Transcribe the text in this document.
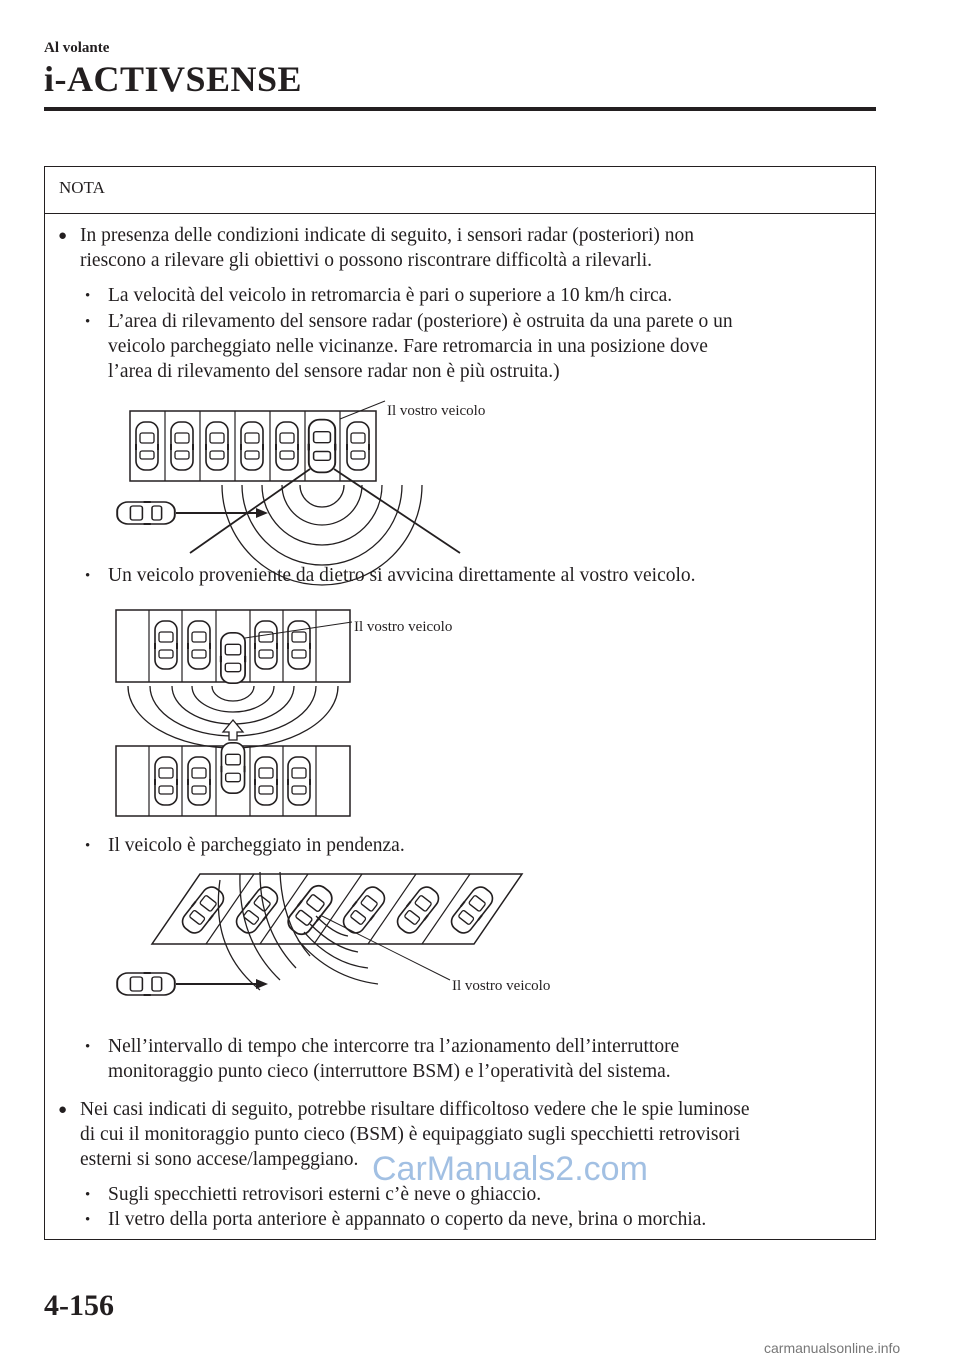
Al volante
i-ACTIVSENSE
NOTA
● In presenza delle condizioni indicate di seguito, i sensori radar (posteriori) non
riescono a rilevare gli obiettivi o possono riscontrare difficoltà a rilevarli.
• La velocità del veicolo in retromarcia è pari o superiore a 10 km/h circa.
• L’area di rilevamento del sensore radar (posteriore) è ostruita da una parete o un
veicolo parcheggiato nelle vicinanze. Fare retromarcia in una posizione dove
l’area di rilevamento del sensore radar non è più ostruita.)
Il vostro veicolo
• Un veicolo proveniente da dietro si avvicina direttamente al vostro veicolo.
Il vostro veicolo
• Il veicolo è parcheggiato in pendenza.
Il vostro veicolo
• Nell’intervallo di tempo che intercorre tra l’azionamento dell’interruttore
monitoraggio punto cieco (interruttore BSM) e l’operatività del sistema.
● Nei casi indicati di seguito, potrebbe risultare difficoltoso vedere che le spie luminose
di cui il monitoraggio punto cieco (BSM) è equipaggiato sugli specchietti retrovisori
esterni si sono accese/lampeggiano.
• Sugli specchietti retrovisori esterni c’è neve o ghiaccio.
• Il vetro della porta anteriore è appannato o coperto da neve, brina o morchia.
CarManuals2.com
4-156
carmanualsonline.info
